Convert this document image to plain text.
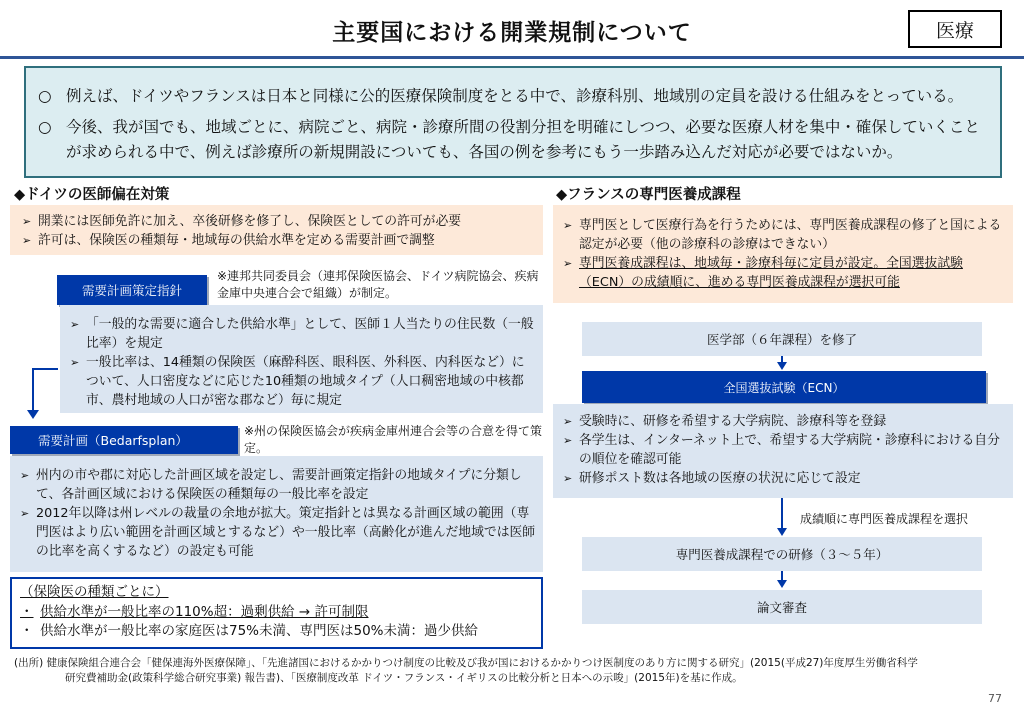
主要国における開業規制について	医療
○ 例えば、ドイツやフランスは日本と同様に公的医療保険制度をとる中で、診療科別、地域別の定員を設ける仕組みをとっている。
○ 今後、我が国でも、地域ごとに、病院ごと、病院・診療所間の役割分担を明確にしつつ、必要な医療人材を集中・確保していくことが求められる中で、例えば診療所の新規開設についても、各国の例を参考にもう一歩踏み込んだ対応が必要ではないか。
◆ドイツの医師偏在対策
➢ 開業には医師免許に加え、卒後研修を修了し、保険医としての許可が必要
➢ 許可は、保険医の種類毎・地域毎の供給水準を定める需要計画で調整
需要計画策定指針
※連邦共同委員会（連邦保険医協会、ドイツ病院協会、疾病金庫中央連合会で組織）が制定。
➢ 「一般的な需要に適合した供給水準」として、医師１人当たりの住民数（一般比率）を規定
➢ 一般比率は、14種類の保険医（麻酔科医、眼科医、外科医、内科医など）について、人口密度などに応じた10種類の地域タイプ（人口稠密地域の中核都市、農村地域の人口が密な郡など）毎に規定
需要計画（Bedarfsplan）
※州の保険医協会が疾病金庫州連合会等の合意を得て策定。
➢ 州内の市や郡に対応した計画区域を設定し、需要計画策定指針の地域タイプに分類して、各計画区域における保険医の種類毎の一般比率を設定
➢ 2012年以降は州レベルの裁量の余地が拡大。策定指針とは異なる計画区域の範囲（専門医はより広い範囲を計画区域とするなど）や一般比率（高齢化が進んだ地域では医師の比率を高くするなど）の設定も可能
（保険医の種類ごとに）
・ 供給水準が一般比率の110%超：過剰供給 → 許可制限
・ 供給水準が一般比率の家庭医は75%未満、専門医は50%未満：過少供給
◆フランスの専門医養成課程
➢ 専門医として医療行為を行うためには、専門医養成課程の修了と国による認定が必要（他の診療科の診療はできない）
➢ 専門医養成課程は、地域毎・診療科毎に定員が設定。全国選抜試験（ECN）の成績順に、進める専門医養成課程が選択可能
医学部（６年課程）を修了
全国選抜試験（ECN）
➢ 受験時に、研修を希望する大学病院、診療科等を登録
➢ 各学生は、インターネット上で、希望する大学病院・診療科における自分の順位を確認可能
➢ 研修ポスト数は各地域の医療の状況に応じて設定
成績順に専門医養成課程を選択
専門医養成課程での研修（３～５年）
論文審査
(出所) 健康保険組合連合会「健保連海外医療保障」、「先進諸国におけるかかりつけ制度の比較及び我が国におけるかかりつけ医制度のあり方に関する研究」(2015(平成27)年度厚生労働省科学
研究費補助金(政策科学総合研究事業) 報告書)、「医療制度改革 ドイツ・フランス・イギリスの比較分析と日本への示唆」(2015年)を基に作成。
77
